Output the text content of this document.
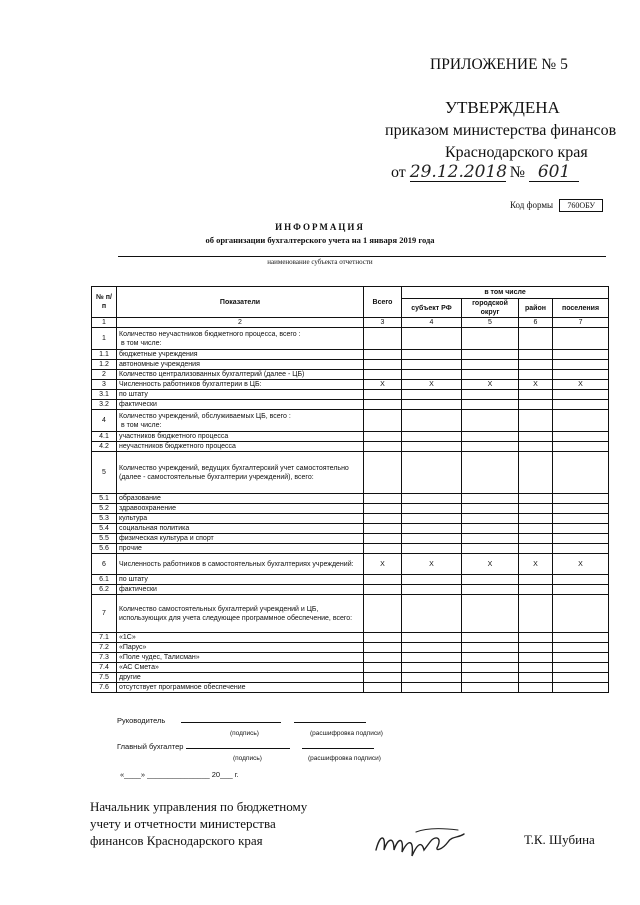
ПРИЛОЖЕНИЕ № 5
УТВЕРЖДЕНА
приказом министерства финансов
Краснодарского края
от 29.12.2018 № 601
Код формы 760ОБУ
ИНФОРМАЦИЯ
об организации бухгалтерского учета на 1 января 2019 года
наименование субъекта отчетности
№ п/п	Показатели	Всего	в том числе			
			субъект РФ	городской округ	район	поселения
1	2	3	4	5	6	7
1	Количество неучастников бюджетного процесса, всего :
в том числе:					

1.1	бюджетные учреждения					
1.2	автономные учреждения					
2	Количество централизованных бухгалтерий (далее - ЦБ)					
3	Численность работников бухгалтерии в ЦБ:	X	X	X	X	X
3.1	по штату					
3.2	фактически					
4	Количество учреждений, обслуживаемых ЦБ, всего :
в том числе:					

4.1	участников бюджетного процесса					
4.2	неучастников бюджетного процесса					
5	Количество учреждений, ведущих бухгалтерский учет самостоятельно (далее - самостоятельные бухгалтерии учреждений), всего:					
5.1	образование					
5.2	здравоохранение					
5.3	культура					
5.4	социальная политика					
5.5	физическая культура и спорт					
5.6	прочие					
6	Численность работников в самостоятельных бухгалтериях учреждений:	X	X	X	X	X
6.1	по штату					
6.2	фактически					
7	Количество самостоятельных бухгалтерий учреждений и ЦБ, использующих для учета следующее программное обеспечение, всего:					
7.1	«1С»					
7.2	«Парус»					
7.3	«Поле чудес, Талисман»					
7.4	«АС Смета»					
7.5	другие					
7.6	отсутствует программное обеспечение					
Руководитель
(подпись)	(расшифровка подписи)
Главный бухгалтер
(подпись)	(расшифровка подписи)
«____» _______________ 20___ г.
Начальник управления по бюджетному
учету и отчетности министерства
финансов Краснодарского края	Т.К. Шубина
